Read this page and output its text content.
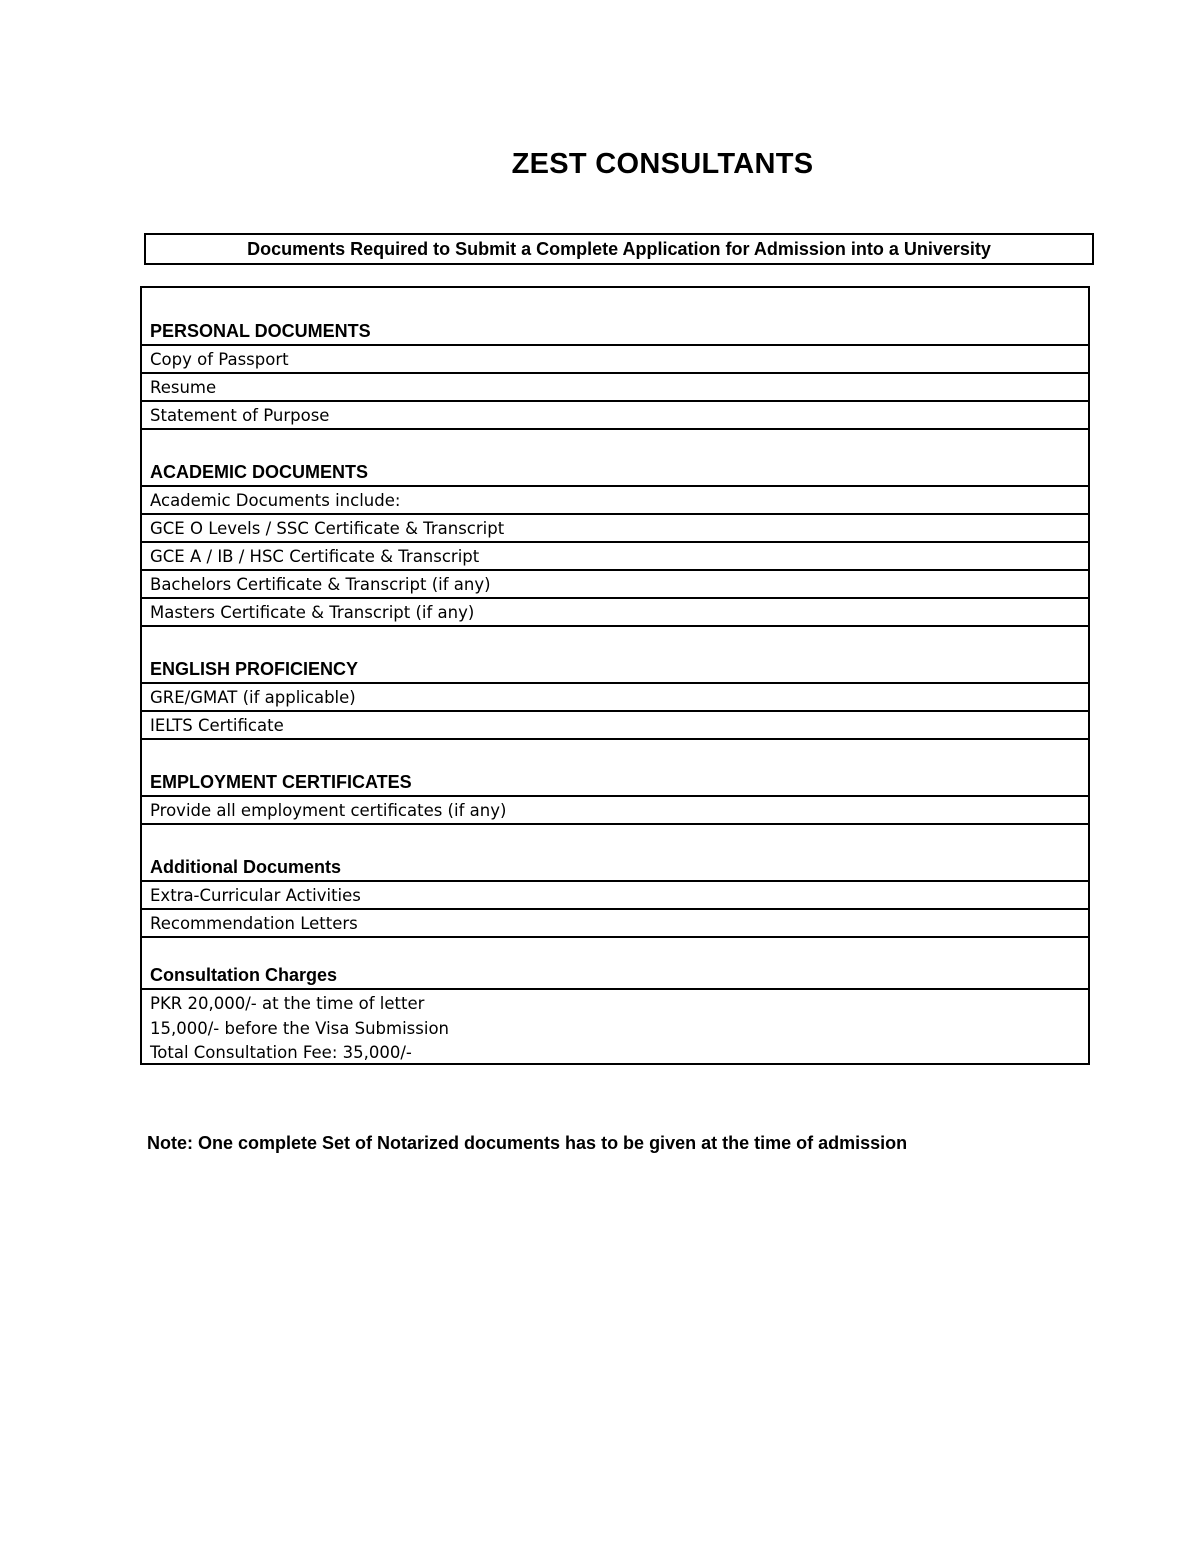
ZEST CONSULTANTS
Documents Required to Submit a Complete Application for Admission into a University
PERSONAL DOCUMENTS
Copy of Passport
Resume
Statement of Purpose
ACADEMIC DOCUMENTS
Academic Documents include:
GCE O Levels / SSC Certificate & Transcript
GCE A / IB / HSC Certificate & Transcript
Bachelors Certificate & Transcript (if any)
Masters Certificate & Transcript (if any)
ENGLISH PROFICIENCY
GRE/GMAT (if applicable)
IELTS Certificate
EMPLOYMENT CERTIFICATES
Provide all employment certificates (if any)
Additional Documents
Extra-Curricular Activities
Recommendation Letters
Consultation Charges
PKR 20,000/- at the time of letter
15,000/- before the Visa Submission
Total Consultation Fee: 35,000/-
Note: One complete Set of Notarized documents has to be given at the time of admission
